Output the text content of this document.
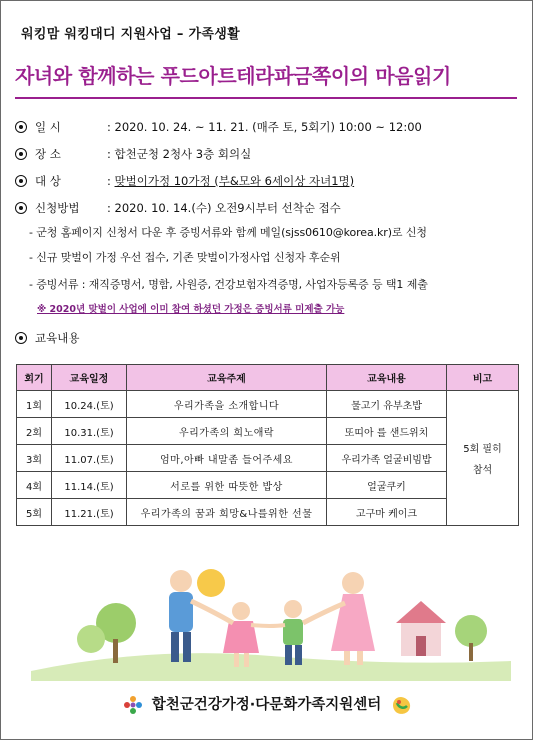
워킹맘 워킹대디 지원사업 – 가족생활
자녀와 함께하는 푸드아트테라파금쪽이의 마음읽기
일 시	: 2020. 10. 24. ~ 11. 21. (매주 토, 5회기) 10:00 ~ 12:00
장 소	: 합천군청 2청사 3층 회의실
대 상	: 맞벌이가정 10가정 (부&모와 6세이상 자녀1명)
신청방법 : 2020. 10. 14.(수) 오전9시부터 선착순 접수
- 군청 홈페이지 신청서 다운 후 증빙서류와 함께 메일(sjss0610@korea.kr)로 신청
- 신규 맞벌이 가정 우선 접수, 기존 맞벌이가정사업 신청자 후순위
- 증빙서류 : 재직증명서, 명함, 사원증, 건강보험자격증명, 사업자등록증 등 택1 제출
※ 2020년 맞벌이 사업에 이미 참여 하셨던 가정은 증빙서류 미제출 가능
교육내용
회기	교육일정	교육주제	교육내용	비고
1회	10.24.(토)	우리가족을 소개합니다	물고기 유부초밥	5회 필히
참석

2회	10.31.(토)	우리가족의 희노애락	또띠아 를 샌드위치	
3회	11.07.(토)	엄마,아빠 내말좀 들어주세요	우리가족 얼굴비빔밥	
4회	11.14.(토)	서로를 위한 따뜻한 밥상	얼굴쿠키	
5회	11.21.(토)	우리가족의 꿈과 희망&나를위한 선물	고구마 케이크	
합천군건강가정·다문화가족지원센터
